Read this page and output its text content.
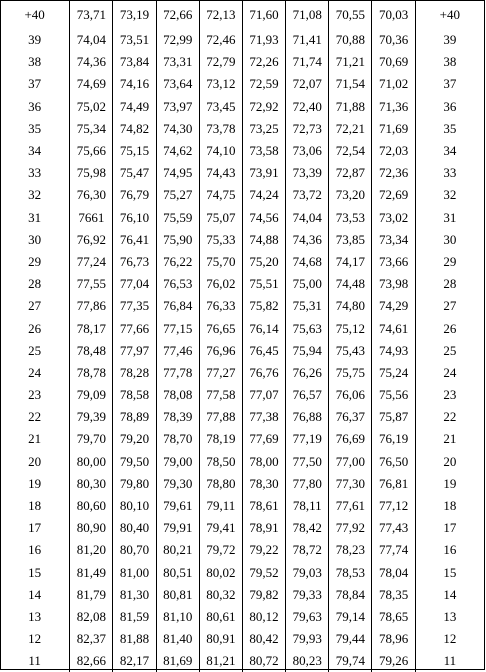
+40	73,71	73,19	72,66	72,13	71,60	71,08	70,55	70,03	+40
39	74,04	73,51	72,99	72,46	71,93	71,41	70,88	70,36	39
38	74,36	73,84	73,31	72,79	72,26	71,74	71,21	70,69	38
37	74,69	74,16	73,64	73,12	72,59	72,07	71,54	71,02	37
36	75,02	74,49	73,97	73,45	72,92	72,40	71,88	71,36	36
35	75,34	74,82	74,30	73,78	73,25	72,73	72,21	71,69	35
34	75,66	75,15	74,62	74,10	73,58	73,06	72,54	72,03	34
33	75,98	75,47	74,95	74,43	73,91	73,39	72,87	72,36	33
32	76,30	76,79	75,27	74,75	74,24	73,72	73,20	72,69	32
31	7661	76,10	75,59	75,07	74,56	74,04	73,53	73,02	31
30	76,92	76,41	75,90	75,33	74,88	74,36	73,85	73,34	30
29	77,24	76,73	76,22	75,70	75,20	74,68	74,17	73,66	29
28	77,55	77,04	76,53	76,02	75,51	75,00	74,48	73,98	28
27	77,86	77,35	76,84	76,33	75,82	75,31	74,80	74,29	27
26	78,17	77,66	77,15	76,65	76,14	75,63	75,12	74,61	26
25	78,48	77,97	77,46	76,96	76,45	75,94	75,43	74,93	25
24	78,78	78,28	77,78	77,27	76,76	76,26	75,75	75,24	24
23	79,09	78,58	78,08	77,58	77,07	76,57	76,06	75,56	23
22	79,39	78,89	78,39	77,88	77,38	76,88	76,37	75,87	22
21	79,70	79,20	78,70	78,19	77,69	77,19	76,69	76,19	21
20	80,00	79,50	79,00	78,50	78,00	77,50	77,00	76,50	20
19	80,30	79,80	79,30	78,80	78,30	77,80	77,30	76,81	19
18	80,60	80,10	79,61	79,11	78,61	78,11	77,61	77,12	18
17	80,90	80,40	79,91	79,41	78,91	78,42	77,92	77,43	17
16	81,20	80,70	80,21	79,72	79,22	78,72	78,23	77,74	16
15	81,49	81,00	80,51	80,02	79,52	79,03	78,53	78,04	15
14	81,79	81,30	80,81	80,32	79,82	79,33	78,84	78,35	14
13	82,08	81,59	81,10	80,61	80,12	79,63	79,14	78,65	13
12	82,37	81,88	81,40	80,91	80,42	79,93	79,44	78,96	12
11	82,66	82,17	81,69	81,21	80,72	80,23	79,74	79,26	11
